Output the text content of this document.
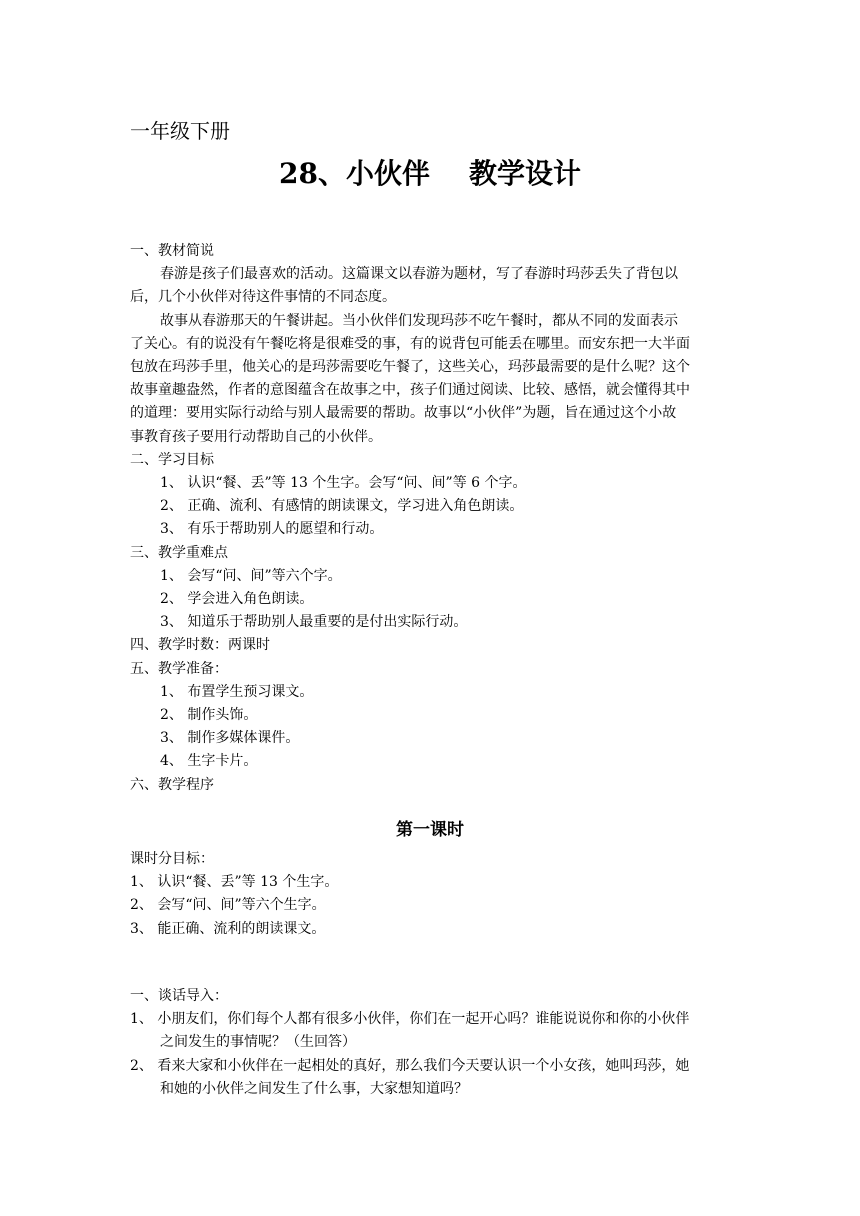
一年级下册
28、小伙伴    教学设计
一、教材简说
春游是孩子们最喜欢的活动。这篇课文以春游为题材，写了春游时玛莎丢失了背包以
后，几个小伙伴对待这件事情的不同态度。
故事从春游那天的午餐讲起。当小伙伴们发现玛莎不吃午餐时，都从不同的发面表示
了关心。有的说没有午餐吃将是很难受的事，有的说背包可能丢在哪里。而安东把一大半面
包放在玛莎手里，他关心的是玛莎需要吃午餐了，这些关心，玛莎最需要的是什么呢？这个
故事童趣盎然，作者的意图蕴含在故事之中，孩子们通过阅读、比较、感悟，就会懂得其中
的道理：要用实际行动给与别人最需要的帮助。故事以“小伙伴”为题，旨在通过这个小故
事教育孩子要用行动帮助自己的小伙伴。
二、学习目标
1、 认识“餐、丢”等 13 个生字。会写“问、间”等 6 个字。
2、 正确、流利、有感情的朗读课文，学习进入角色朗读。
3、 有乐于帮助别人的愿望和行动。
三、教学重难点
1、 会写“问、间”等六个字。
2、 学会进入角色朗读。
3、 知道乐于帮助别人最重要的是付出实际行动。
四、教学时数：两课时
五、教学准备：
1、 布置学生预习课文。
2、 制作头饰。
3、 制作多媒体课件。
4、 生字卡片。
六、教学程序
第一课时
课时分目标：
1、 认识“餐、丢”等 13 个生字。
2、 会写“问、间”等六个生字。
3、 能正确、流利的朗读课文。
一、谈话导入：
1、 小朋友们，你们每个人都有很多小伙伴，你们在一起开心吗？谁能说说你和你的小伙伴
之间发生的事情呢？（生回答）
2、 看来大家和小伙伴在一起相处的真好，那么我们今天要认识一个小女孩，她叫玛莎，她
和她的小伙伴之间发生了什么事，大家想知道吗？
